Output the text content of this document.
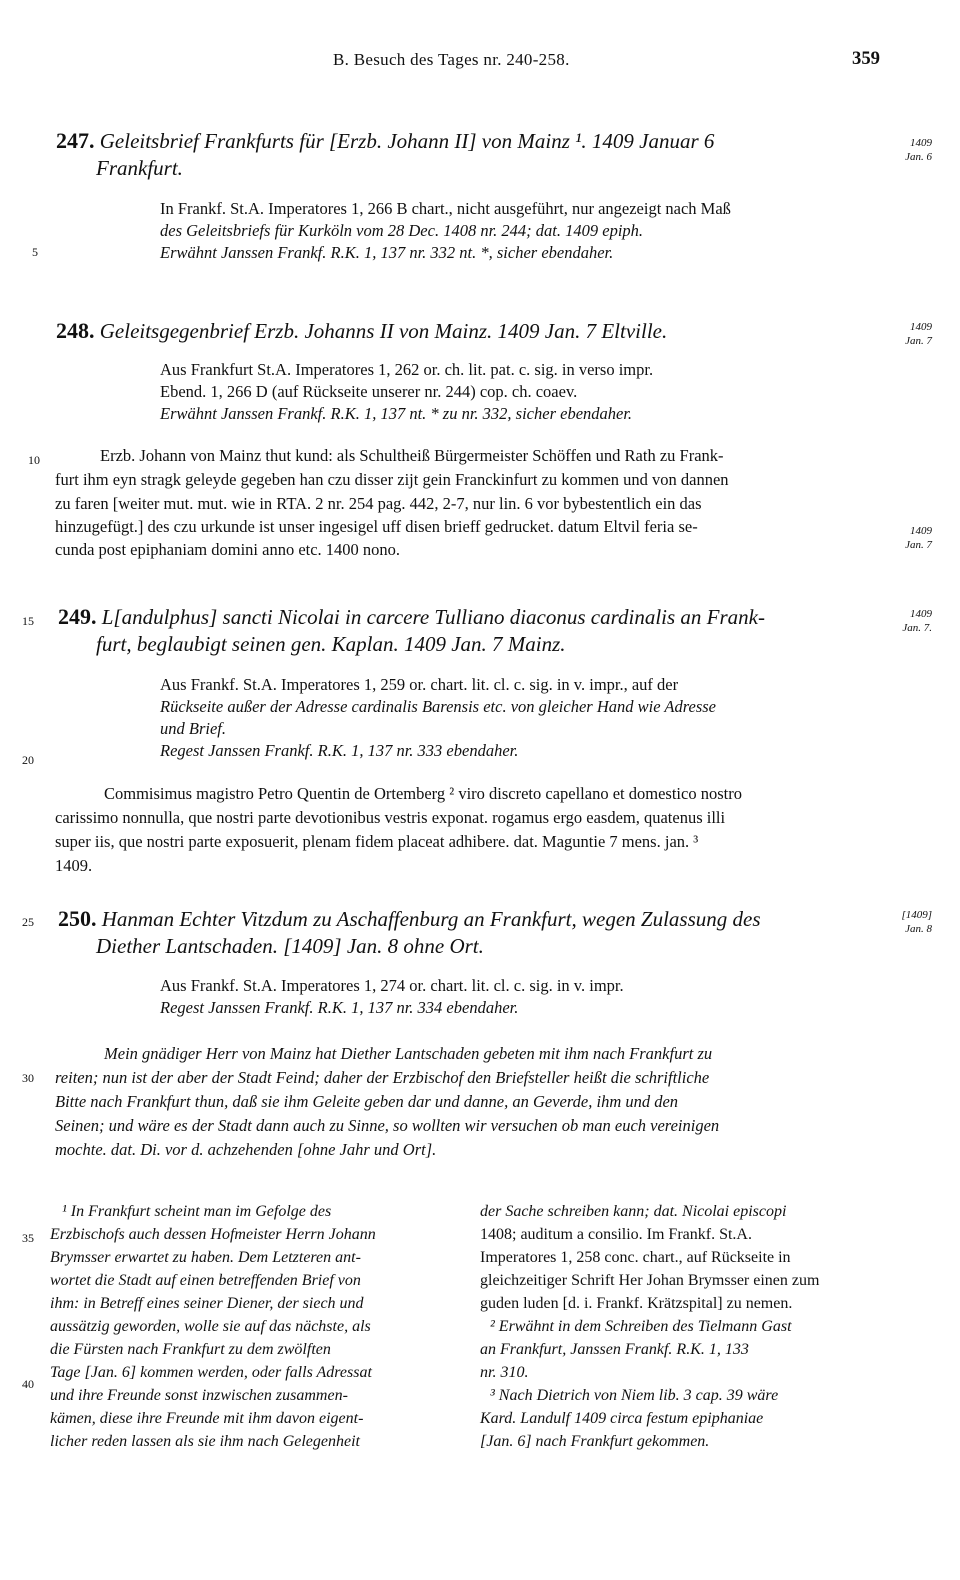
B. Besuch des Tages nr. 240-258.	359
5
10
15
20
25
30
35
40
1409
Jan. 6
1409
Jan. 7
1409
Jan. 7
1409
Jan. 7.
[1409]
Jan. 8
247. Geleitsbrief Frankfurts für [Erzb. Johann II] von Mainz ¹. 1409 Januar 6
Frankfurt.
In Frankf. St.A. Imperatores 1, 266 B chart., nicht ausgeführt, nur angezeigt nach Maß
des Geleitsbriefs für Kurköln vom 28 Dec. 1408 nr. 244; dat. 1409 epiph.
Erwähnt Janssen Frankf. R.K. 1, 137 nr. 332 nt. *, sicher ebendaher.
248. Geleitsgegenbrief Erzb. Johanns II von Mainz. 1409 Jan. 7 Eltville.
Aus Frankfurt St.A. Imperatores 1, 262 or. ch. lit. pat. c. sig. in verso impr.
Ebend. 1, 266 D (auf Rückseite unserer nr. 244) cop. ch. coaev.
Erwähnt Janssen Frankf. R.K. 1, 137 nt. * zu nr. 332, sicher ebendaher.
Erzb. Johann von Mainz thut kund: als Schultheiß Bürgermeister Schöffen und Rath zu Frank-
furt ihm eyn stragk geleyde gegeben han czu disser zijt gein Franckinfurt zu kommen und von dannen
zu faren [weiter mut. mut. wie in RTA. 2 nr. 254 pag. 442, 2-7, nur lin. 6 vor bybestentlich ein das
hinzugefügt.] des czu urkunde ist unser ingesigel uff disen brieff gedrucket. datum Eltvil feria se-
cunda post epiphaniam domini anno etc. 1400 nono.
249. L[andulphus] sancti Nicolai in carcere Tulliano diaconus cardinalis an Frank-
furt, beglaubigt seinen gen. Kaplan. 1409 Jan. 7 Mainz.
Aus Frankf. St.A. Imperatores 1, 259 or. chart. lit. cl. c. sig. in v. impr., auf der
Rückseite außer der Adresse cardinalis Barensis etc. von gleicher Hand wie Adresse
und Brief.
Regest Janssen Frankf. R.K. 1, 137 nr. 333 ebendaher.
Commisimus magistro Petro Quentin de Ortemberg ² viro discreto capellano et domestico nostro
carissimo nonnulla, que nostri parte devotionibus vestris exponat. rogamus ergo easdem, quatenus illi
super iis, que nostri parte exposuerit, plenam fidem placeat adhibere. dat. Maguntie 7 mens. jan. ³
1409.
250. Hanman Echter Vitzdum zu Aschaffenburg an Frankfurt, wegen Zulassung des
Diether Lantschaden. [1409] Jan. 8 ohne Ort.
Aus Frankf. St.A. Imperatores 1, 274 or. chart. lit. cl. c. sig. in v. impr.
Regest Janssen Frankf. R.K. 1, 137 nr. 334 ebendaher.
Mein gnädiger Herr von Mainz hat Diether Lantschaden gebeten mit ihm nach Frankfurt zu
reiten; nun ist der aber der Stadt Feind; daher der Erzbischof den Briefsteller heißt die schriftliche
Bitte nach Frankfurt thun, daß sie ihm Geleite geben dar und danne, an Geverde, ihm und den
Seinen; und wäre es der Stadt dann auch zu Sinne, so wollten wir versuchen ob man euch vereinigen
mochte. dat. Di. vor d. achzehenden [ohne Jahr und Ort].
¹ In Frankfurt scheint man im Gefolge des
Erzbischofs auch dessen Hofmeister Herrn Johann
Brymsser erwartet zu haben. Dem Letzteren ant-
wortet die Stadt auf einen betreffenden Brief von
ihm: in Betreff eines seiner Diener, der siech und
aussätzig geworden, wolle sie auf das nächste, als
die Fürsten nach Frankfurt zu dem zwölften
Tage [Jan. 6] kommen werden, oder falls Adressat
und ihre Freunde sonst inzwischen zusammen-
kämen, diese ihre Freunde mit ihm davon eigent-
licher reden lassen als sie ihm nach Gelegenheit
der Sache schreiben kann; dat. Nicolai episcopi
1408; auditum a consilio. Im Frankf. St.A.
Imperatores 1, 258 conc. chart., auf Rückseite in
gleichzeitiger Schrift Her Johan Brymsser einen zum
guden luden [d. i. Frankf. Krätzspital] zu nemen.
² Erwähnt in dem Schreiben des Tielmann Gast
an Frankfurt, Janssen Frankf. R.K. 1, 133
nr. 310.
³ Nach Dietrich von Niem lib. 3 cap. 39 wäre
Kard. Landulf 1409 circa festum epiphaniae
[Jan. 6] nach Frankfurt gekommen.
